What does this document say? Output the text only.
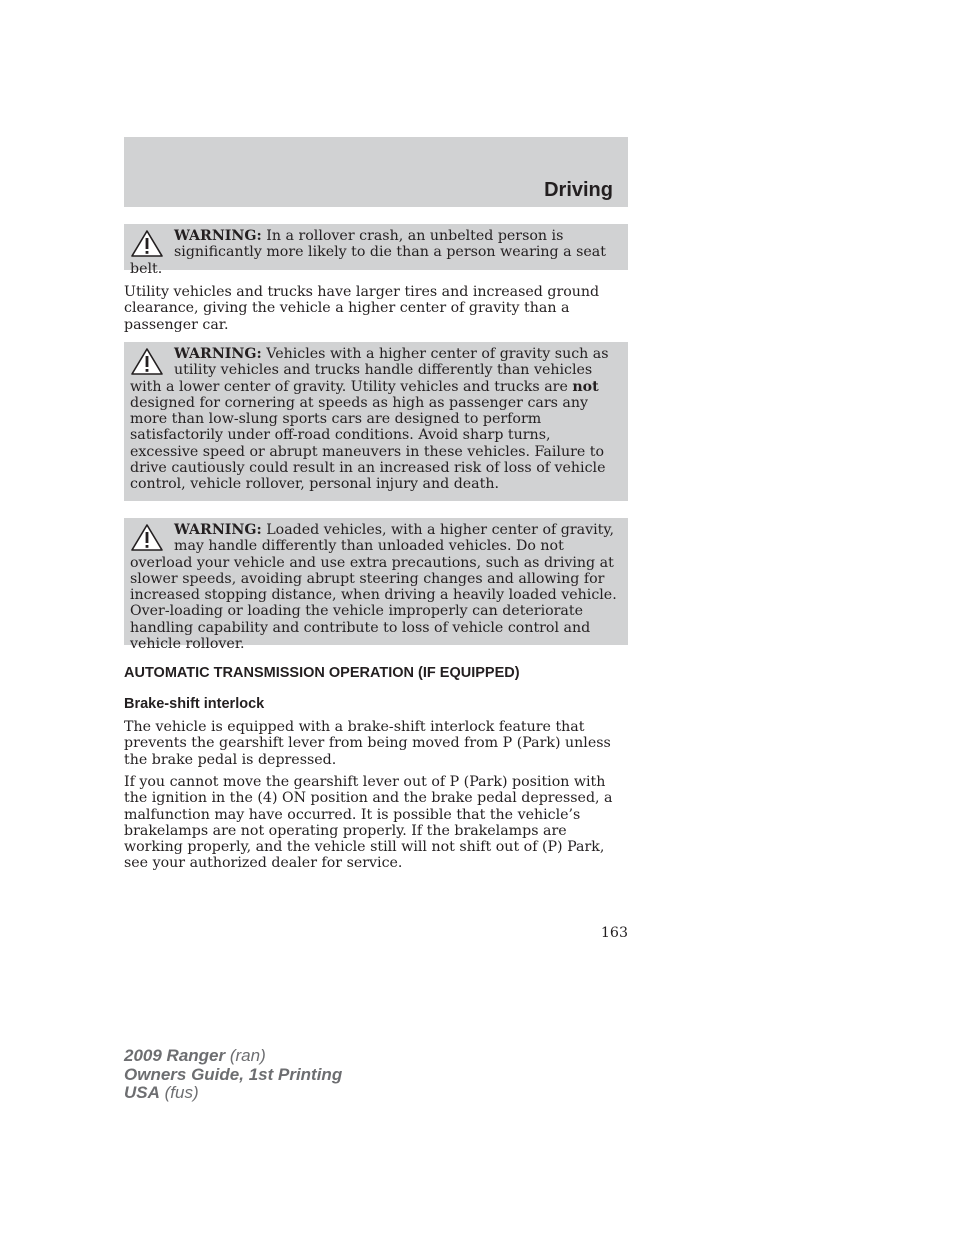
Driving

WARNING: In a rollover crash, an unbelted person is significantly more likely to die than a person wearing a seat belt.

Utility vehicles and trucks have larger tires and increased ground clearance, giving the vehicle a higher center of gravity than a passenger car.

WARNING: Vehicles with a higher center of gravity such as utility vehicles and trucks handle differently than vehicles with a lower center of gravity. Utility vehicles and trucks are not designed for cornering at speeds as high as passenger cars any more than low-slung sports cars are designed to perform satisfactorily under off-road conditions. Avoid sharp turns, excessive speed or abrupt maneuvers in these vehicles. Failure to drive cautiously could result in an increased risk of loss of vehicle control, vehicle rollover, personal injury and death.

WARNING: Loaded vehicles, with a higher center of gravity, may handle differently than unloaded vehicles. Do not overload your vehicle and use extra precautions, such as driving at slower speeds, avoiding abrupt steering changes and allowing for increased stopping distance, when driving a heavily loaded vehicle. Over-loading or loading the vehicle improperly can deteriorate handling capability and contribute to loss of vehicle control and vehicle rollover.

AUTOMATIC TRANSMISSION OPERATION (IF EQUIPPED)
Brake-shift interlock

The vehicle is equipped with a brake-shift interlock feature that prevents the gearshift lever from being moved from P (Park) unless the brake pedal is depressed.

If you cannot move the gearshift lever out of P (Park) position with the ignition in the (4) ON position and the brake pedal depressed, a malfunction may have occurred. It is possible that the vehicle’s brakelamps are not operating properly. If the brakelamps are working properly, and the vehicle still will not shift out of (P) Park, see your authorized dealer for service.

163
2009 Ranger (ran)
Owners Guide, 1st Printing
USA (fus)
